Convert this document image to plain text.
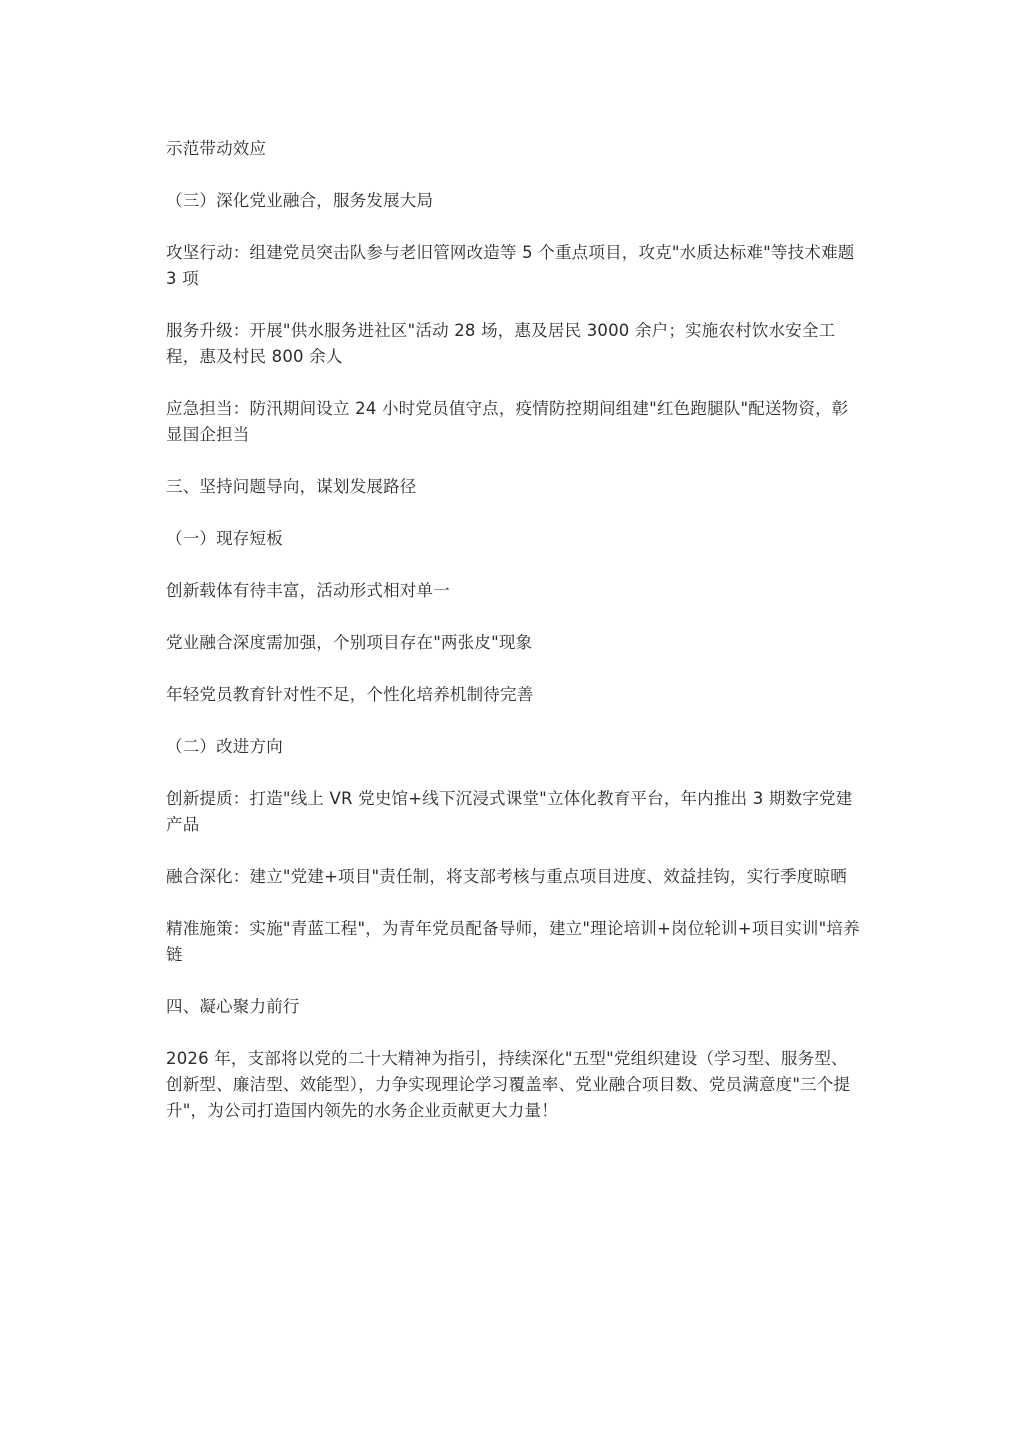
示范带动效应

（三）深化党业融合，服务发展大局

攻坚行动：组建党员突击队参与老旧管网改造等 5 个重点项目，攻克"水质达标难"等技术难题 3 项

服务升级：开展"供水服务进社区"活动 28 场，惠及居民 3000 余户；实施农村饮水安全工程，惠及村民 800 余人

应急担当：防汛期间设立 24 小时党员值守点，疫情防控期间组建"红色跑腿队"配送物资，彰显国企担当

三、坚持问题导向，谋划发展路径

（一）现存短板

创新载体有待丰富，活动形式相对单一

党业融合深度需加强，个别项目存在"两张皮"现象

年轻党员教育针对性不足，个性化培养机制待完善

（二）改进方向

创新提质：打造"线上 VR 党史馆+线下沉浸式课堂"立体化教育平台，年内推出 3 期数字党建产品

融合深化：建立"党建+项目"责任制，将支部考核与重点项目进度、效益挂钩，实行季度晾晒

精准施策：实施"青蓝工程"，为青年党员配备导师，建立"理论培训+岗位轮训+项目实训"培养链

四、凝心聚力前行

2026 年，支部将以党的二十大精神为指引，持续深化"五型"党组织建设（学习型、服务型、创新型、廉洁型、效能型），力争实现理论学习覆盖率、党业融合项目数、党员满意度"三个提升"，为公司打造国内领先的水务企业贡献更大力量！
